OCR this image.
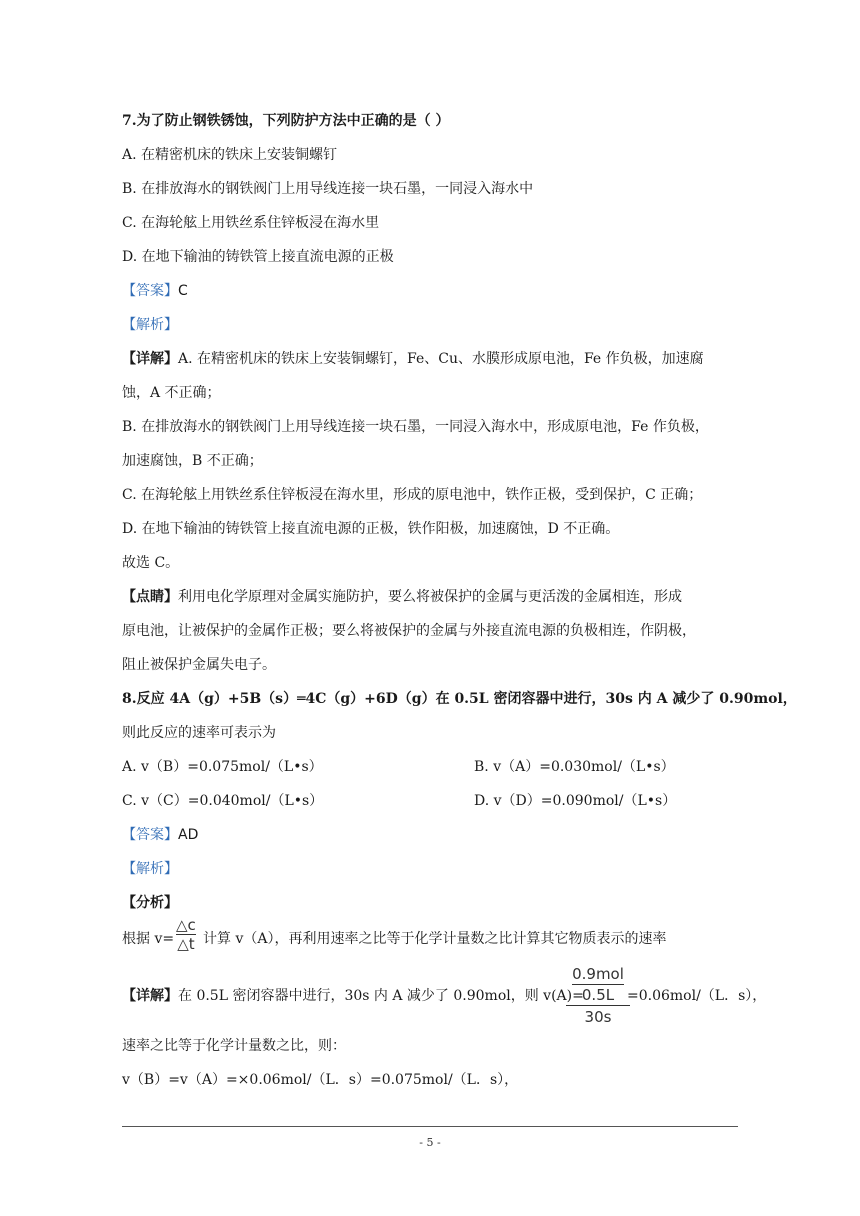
7.为了防止钢铁锈蚀，下列防护方法中正确的是（ ）
A. 在精密机床的铁床上安装铜螺钉
B. 在排放海水的钢铁阀门上用导线连接一块石墨，一同浸入海水中
C. 在海轮舷上用铁丝系住锌板浸在海水里
D. 在地下输油的铸铁管上接直流电源的正极
【答案】C
【解析】
【详解】A. 在精密机床的铁床上安装铜螺钉，Fe、Cu、水膜形成原电池，Fe 作负极，加速腐
蚀，A 不正确；
B. 在排放海水的钢铁阀门上用导线连接一块石墨，一同浸入海水中，形成原电池，Fe 作负极，
加速腐蚀，B 不正确；
C. 在海轮舷上用铁丝系住锌板浸在海水里，形成的原电池中，铁作正极，受到保护，C 正确；
D. 在地下输油的铸铁管上接直流电源的正极，铁作阳极，加速腐蚀，D 不正确。
故选 C。
【点睛】利用电化学原理对金属实施防护，要么将被保护的金属与更活泼的金属相连，形成
原电池，让被保护的金属作正极；要么将被保护的金属与外接直流电源的负极相连，作阴极，
阻止被保护金属失电子。
8.反应 4A（g）+5B（s）═4C（g）+6D（g）在 0.5L 密闭容器中进行，30s 内 A 减少了 0.90mol，
则此反应的速率可表示为
A. v（B）=0.075mol/（L•s）	B. v（A）=0.030mol/（L•s）
C. v（C）=0.040mol/（L•s）	D. v（D）=0.090mol/（L•s）
【答案】AD
【解析】
【分析】
根据 $v= \frac{\triangle c}{\triangle t}$ 计算 v（A），再利用速率之比等于化学计量数之比计算其它物质表示的速率
【详解】在 0.5L 密闭容器中进行，30s 内 A 减少了 0.90mol，则 v(A)=
0.9mol
0.5L
30s
=0.06mol/（L．s），
速率之比等于化学计量数之比，则：
v（B）=v（A）=×0.06mol/（L．s）=0.075mol/（L．s），
- 5 -
